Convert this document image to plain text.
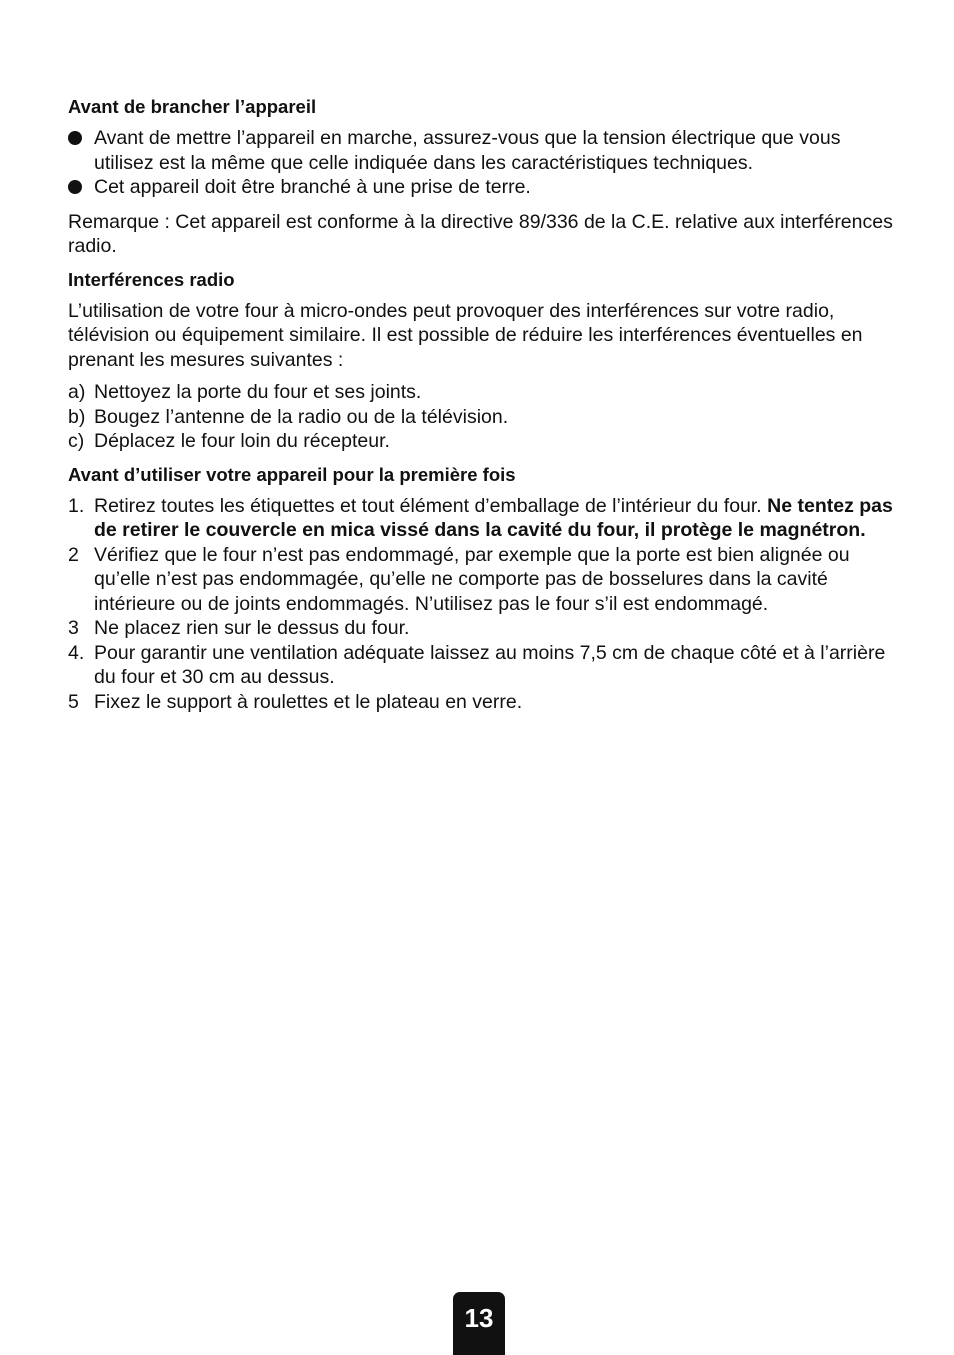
Avant de brancher l’appareil
Avant de mettre l’appareil en marche, assurez-vous que la tension électrique que vous utilisez est la même que celle indiquée dans les caractéristiques techniques.
Cet appareil doit être branché à une prise de terre.

Remarque : Cet appareil est conforme à la directive 89/336 de la C.E. relative aux interférences radio.

Interférences radio

L’utilisation de votre four à micro-ondes peut provoquer des interférences sur votre radio, télévision ou équipement similaire. Il est possible de réduire les interférences éventuelles en prenant les mesures suivantes :

a) Nettoyez la porte du four et ses joints.
b) Bougez l’antenne de la radio ou de la télévision.
c) Déplacez le four loin du récepteur.
Avant d’utiliser votre appareil pour la première fois
1. Retirez toutes les étiquettes et tout élément d’emballage de l’intérieur du four. Ne tentez pas de retirer le couvercle en mica vissé dans la cavité du four, il protège le magnétron.
2 Vérifiez que le four n’est pas endommagé, par exemple que la porte est bien alignée ou qu’elle n’est pas endommagée, qu’elle ne comporte pas de bosselures dans la cavité intérieure ou de joints endommagés. N’utilisez pas le four s’il est endommagé.
3 Ne placez rien sur le dessus du four.
4. Pour garantir une ventilation adéquate laissez au moins 7,5 cm de chaque côté et à l’arrière du four et 30 cm au dessus.
5 Fixez le support à roulettes et le plateau en verre.
13
